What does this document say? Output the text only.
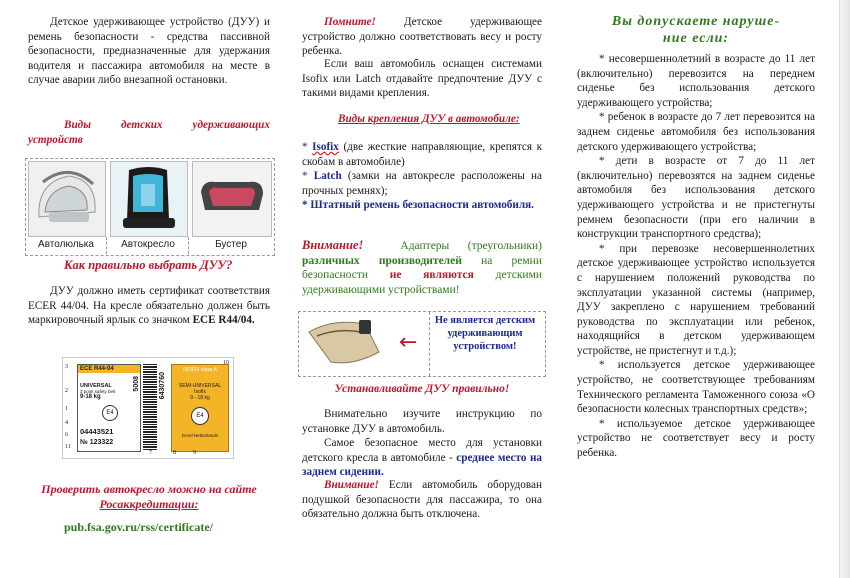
Детское удерживающее устройство (ДУУ) и ремень безопасности - средства пассивной безопасности, предназначенные для удержания водителя и пассажира автомобиля на месте в случае аварии либо внезапной остановки.

Виды детских удерживающих устройств

Автолюлька	Автокресло	Бустер

Как правильно выбрать ДУУ?

ДУУ должно иметь сертификат соответствия ECER 44/04. На кресле обязательно должен быть маркировочный ярлык со значком ECE R44/04.

ECE R44-04
UNIVERSAL
3 point safety belt
9-18 kg
E4
04443521
№ 123322
6430760
5008
ISOFIX class A
SEMI-UNIVERSAL
Isofix
9 - 18 kg
E4
Dorel Netherlands
3
2
1
4
6
11
10
7	8	9

Проверить автокресло можно на сайте Росаккредитации:

pub.fsa.gov.ru/rss/certificate/

Помните!	Детское удерживающее устройство должно соответствовать весу и росту ребенка.

Если ваш автомобиль оснащен системами Isofix или Latch отдавайте предпочтение ДУУ с такими видами крепления.

Виды крепления ДУУ в автомобиле:

* Isofix (две жесткие направляющие, крепятся к скобам в автомобиле)

* Latch (замки на автокресле расположены на прочных ремнях);

* Штатный ремень безопасности автомобиля.

Внимание!	Адаптеры (треугольники) различных производителей на ремни безопасности не являются детскими удерживающими устройствами!

←
Не является детским удерживающим устройством!

Устанавливайте ДУУ правильно!

Внимательно изучите инструкцию по установке ДУУ в автомобиль.

Самое безопасное место для установки детского кресла в автомобиле - среднее место на заднем сидении.

Внимание! Если автомобиль оборудован подушкой безопасности для пассажира, то она обязательно должна быть отключена.

Вы допускаете наруше-
ние если:

* несовершеннолетний в возрасте до 11 лет (включительно) перевозится на переднем сиденье без использования детского удерживающего устройства;

* ребенок в возрасте до 7 лет перевозится на заднем сиденье автомобиля без использования детского удерживающего устройства;

* дети в возрасте от 7 до 11 лет (включительно) перевозятся на заднем сиденье автомобиля без использования детского удерживающего устройства и не пристегнуты ремнем безопасности (при его наличии в конструкции транспортного средства);

* при перевозке несовершеннолетних детское удерживающее устройство используется с нарушением положений руководства по эксплуатации указанной системы (например, ДУУ закреплено с нарушением требований руководства по эксплуатации или ребенок, находящийся в детском удерживающем устройстве, не пристегнут и т.д.);

* используется детское удерживающее устройство, не соответствующее требованиям Технического регламента Таможенного союза «О безопасности колесных транспортных средств»;

* используемое детское удерживающее устройство не соответствует весу и росту ребенка.
